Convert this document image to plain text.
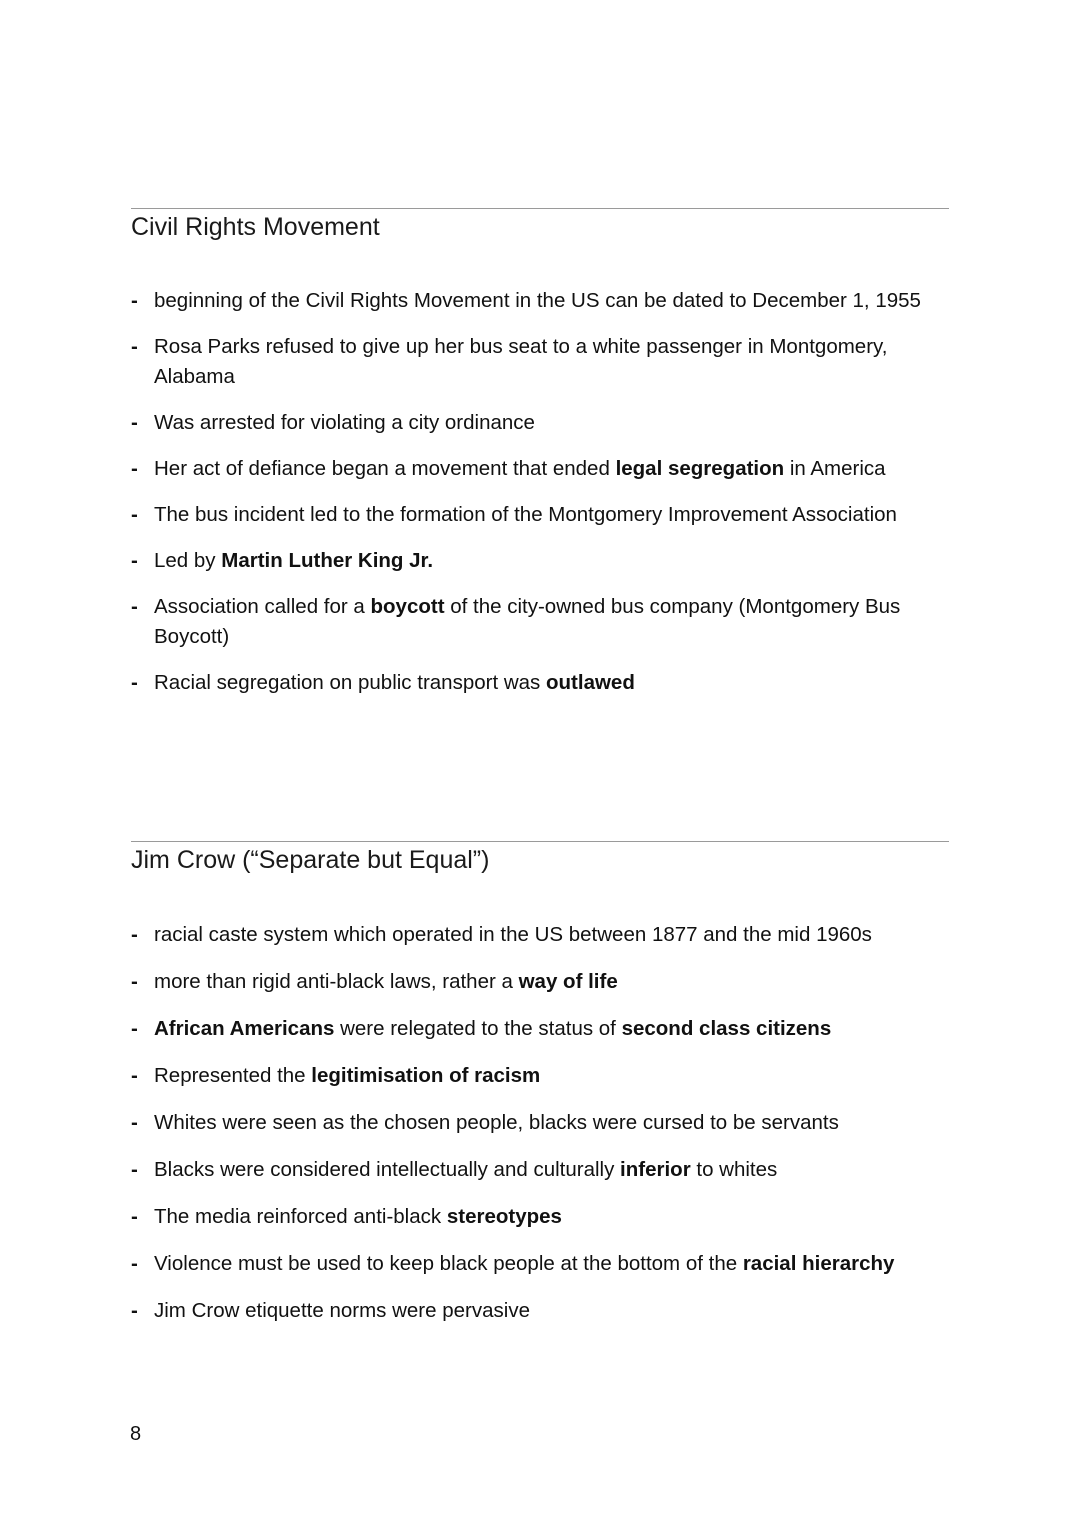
Civil Rights Movement
- beginning of the Civil Rights Movement in the US can be dated to December 1, 1955
- Rosa Parks refused to give up her bus seat to a white passenger in Montgomery, Alabama
- Was arrested for violating a city ordinance
- Her act of defiance began a movement that ended legal segregation in America
- The bus incident led to the formation of the Montgomery Improvement Association
- Led by Martin Luther King Jr.
- Association called for a boycott of the city-owned bus company (Montgomery Bus Boycott)
- Racial segregation on public transport was outlawed
Jim Crow (“Separate but Equal”)
- racial caste system which operated in the US between 1877 and the mid 1960s
- more than rigid anti-black laws, rather a way of life
- African Americans were relegated to the status of second class citizens
- Represented the legitimisation of racism
- Whites were seen as the chosen people, blacks were cursed to be servants
- Blacks were considered intellectually and culturally inferior to whites
- The media reinforced anti-black stereotypes
- Violence must be used to keep black people at the bottom of the racial hierarchy
- Jim Crow etiquette norms were pervasive
8
